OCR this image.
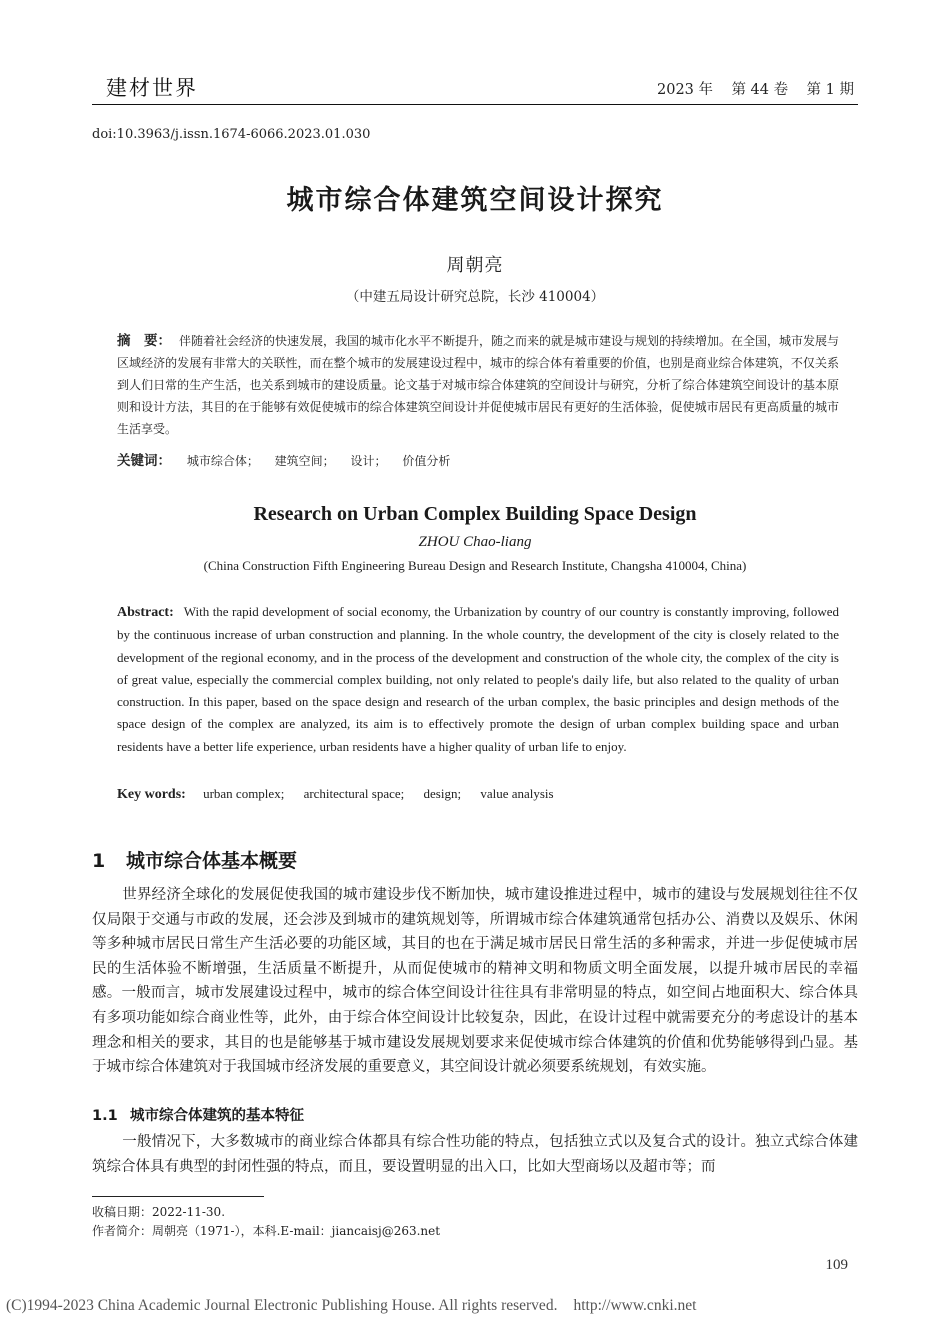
建材世界	2023 年    第 44 卷    第 1 期
doi:10.3963/j.issn.1674-6066.2023.01.030
城市综合体建筑空间设计探究
周朝亮
（中建五局设计研究总院，长沙 410004）
摘　要： 伴随着社会经济的快速发展，我国的城市化水平不断提升，随之而来的就是城市建设与规划的持续增加。在全国，城市发展与区域经济的发展有非常大的关联性，而在整个城市的发展建设过程中，城市的综合体有着重要的价值，也别是商业综合体建筑，不仅关系到人们日常的生产生活，也关系到城市的建设质量。论文基于对城市综合体建筑的空间设计与研究，分析了综合体建筑空间设计的基本原则和设计方法，其目的在于能够有效促使城市的综合体建筑空间设计并促使城市居民有更好的生活体验，促使城市居民有更高质量的城市生活享受。
关键词： 城市综合体； 建筑空间； 设计； 价值分析
Research on Urban Complex Building Space Design
ZHOU Chao-liang
(China Construction Fifth Engineering Bureau Design and Research Institute, Changsha 410004, China)
Abstract: With the rapid development of social economy, the Urbanization by country of our country is constantly improving, followed by the continuous increase of urban construction and planning. In the whole country, the development of the city is closely related to the development of the regional economy, and in the process of the development and construction of the whole city, the complex of the city is of great value, especially the commercial complex building, not only related to people's daily life, but also related to the quality of urban construction. In this paper, based on the space design and research of the urban complex, the basic principles and design methods of the space design of the complex are analyzed, its aim is to effectively promote the design of urban complex building space and urban residents have a better life experience, urban residents have a higher quality of urban life to enjoy.
Key words: urban complex; architectural space; design; value analysis
1 城市综合体基本概要
世界经济全球化的发展促使我国的城市建设步伐不断加快，城市建设推进过程中，城市的建设与发展规划往往不仅仅局限于交通与市政的发展，还会涉及到城市的建筑规划等，所谓城市综合体建筑通常包括办公、消费以及娱乐、休闲等多种城市居民日常生产生活必要的功能区域，其目的也在于满足城市居民日常生活的多种需求，并进一步促使城市居民的生活体验不断增强，生活质量不断提升，从而促使城市的精神文明和物质文明全面发展，以提升城市居民的幸福感。一般而言，城市发展建设过程中，城市的综合体空间设计往往具有非常明显的特点，如空间占地面积大、综合体具有多项功能如综合商业性等，此外，由于综合体空间设计比较复杂，因此，在设计过程中就需要充分的考虑设计的基本理念和相关的要求，其目的也是能够基于城市建设发展规划要求来促使城市综合体建筑的价值和优势能够得到凸显。基于城市综合体建筑对于我国城市经济发展的重要意义，其空间设计就必须要系统规划，有效实施。
1.1 城市综合体建筑的基本特征
一般情况下，大多数城市的商业综合体都具有综合性功能的特点，包括独立式以及复合式的设计。独立式综合体建筑综合体具有典型的封闭性强的特点，而且，要设置明显的出入口，比如大型商场以及超市等；而
收稿日期：2022-11-30.
作者简介：周朝亮（1971-），本科.E-mail：jiancaisj@263.net
109
(C)1994-2023 China Academic Journal Electronic Publishing House. All rights reserved. http://www.cnki.net
